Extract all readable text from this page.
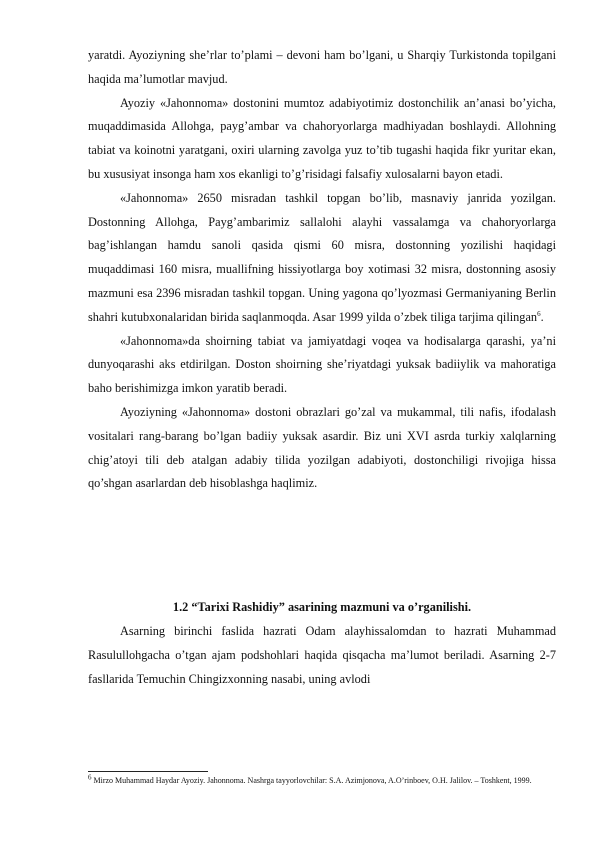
yaratdi. Ayoziyning she’rlar to’plami – devoni ham bo’lgani, u Sharqiy Turkistonda topilgani haqida ma’lumotlar mavjud.

Ayoziy «Jahonnoma» dostonini mumtoz adabiyotimiz dostonchilik an’anasi bo’yicha, muqaddimasida Allohga, payg’ambar va chahoryorlarga madhiyadan boshlaydi. Allohning tabiat va koinotni yaratgani, oxiri ularning zavolga yuz to’tib tugashi haqida fikr yuritar ekan, bu xususiyat insonga ham xos ekanligi to’g’risidagi falsafiy xulosalarni bayon etadi.

«Jahonnoma» 2650 misradan tashkil topgan bo’lib, masnaviy janrida yozilgan. Dostonning Allohga, Payg’ambarimiz sallalohi alayhi vassalamga va chahoryorlarga bag’ishlangan hamdu sanoli qasida qismi 60 misra, dostonning yozilishi haqidagi muqaddimasi 160 misra, muallifning hissiyotlarga boy xotimasi 32 misra, dostonning asosiy mazmuni esa 2396 misradan tashkil topgan. Uning yagona qo’lyozmasi Germaniyaning Berlin shahri kutubxonalaridan birida saqlanmoqda. Asar 1999 yilda o’zbek tiliga tarjima qilingan$^6$.

«Jahonnoma»da shoirning tabiat va jamiyatdagi voqea va hodisalarga qarashi, ya’ni dunyoqarashi aks etdirilgan. Doston shoirning she’riyatdagi yuksak badiiylik va mahoratiga baho berishimizga imkon yaratib beradi.

Ayoziyning «Jahonnoma» dostoni obrazlari go’zal va mukammal, tili nafis, ifodalash vositalari rang-barang bo’lgan badiiy yuksak asardir. Biz uni XVI asrda turkiy xalqlarning chig’atoyi tili deb atalgan adabiy tilida yozilgan adabiyoti, dostonchiligi rivojiga hissa qo’shgan asarlardan deb hisoblashga haqlimiz.

1.2 “Tarixi Rashidiy” asarining mazmuni va o’rganilishi.

Asarning birinchi faslida hazrati Odam alayhissalomdan to hazrati Muhammad Rasulullohgacha o’tgan ajam podshohlari haqida qisqacha ma’lumot beriladi. Asarning 2-7 fasllarida Temuchin Chingizxonning nasabi, uning avlodi

$^6$ Mirzo Muhammad Haydar Ayoziy. Jahonnoma. Nashrga tayyorlovchilar: S.A. Azimjonova, A.O’rinboev, O.H. Jalilov. – Toshkent, 1999.
